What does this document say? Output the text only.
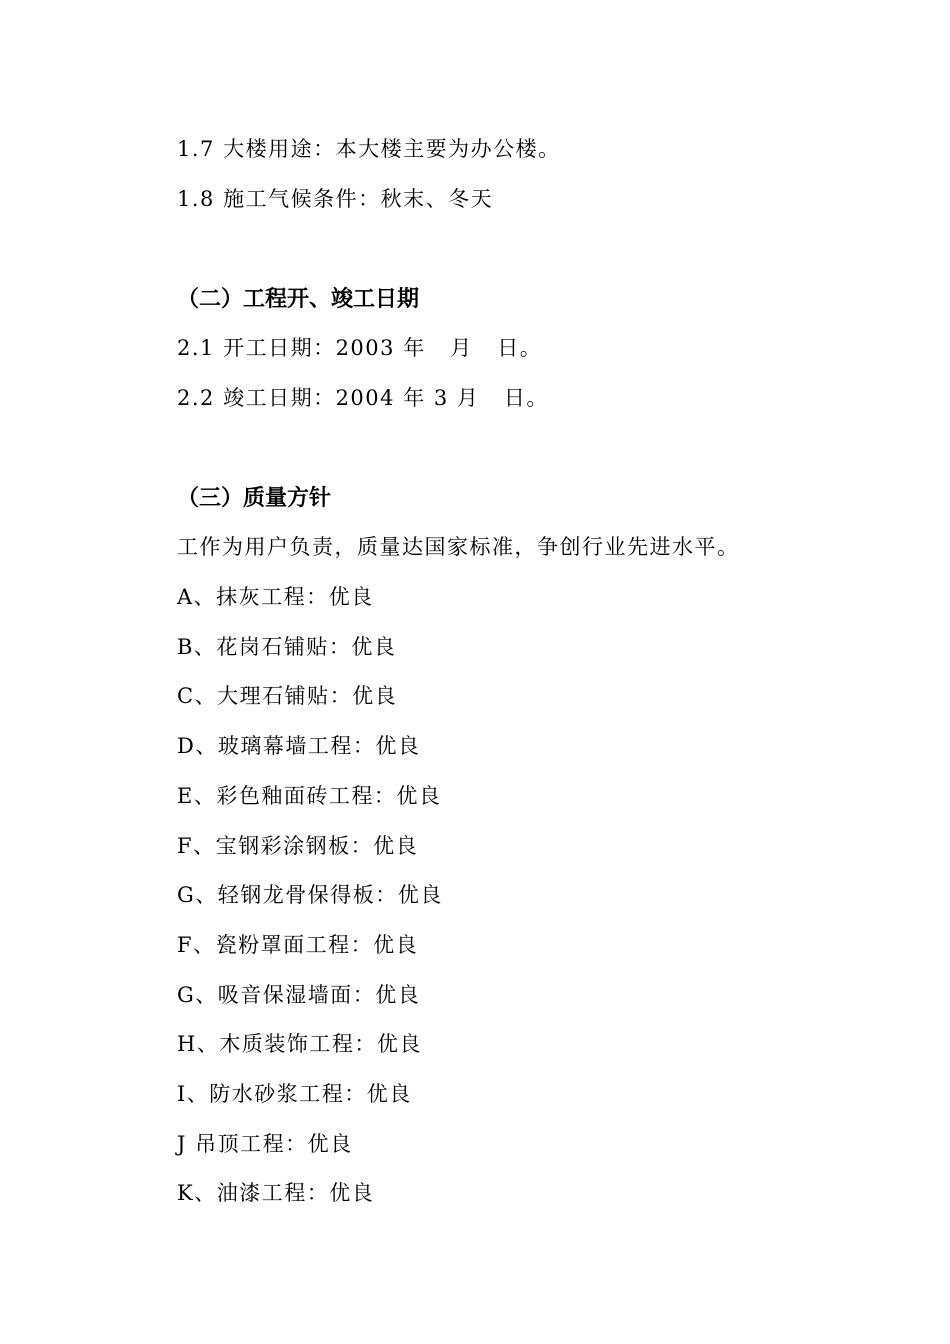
1.7 大楼用途：本大楼主要为办公楼。

1.8 施工气候条件：秋末、冬天

（二）工程开、竣工日期

2.1 开工日期：2003 年   月   日。

2.2 竣工日期：2004 年 3 月   日。

（三）质量方针

工作为用户负责，质量达国家标准，争创行业先进水平。

A、抹灰工程：优良

B、花岗石铺贴：优良

C、大理石铺贴：优良

D、玻璃幕墙工程：优良

E、彩色釉面砖工程：优良

F、宝钢彩涂钢板：优良

G、轻钢龙骨保得板：优良

F、瓷粉罩面工程：优良

G、吸音保湿墙面：优良

H、木质装饰工程：优良

I、防水砂浆工程：优良

J 吊顶工程：优良

K、油漆工程：优良
